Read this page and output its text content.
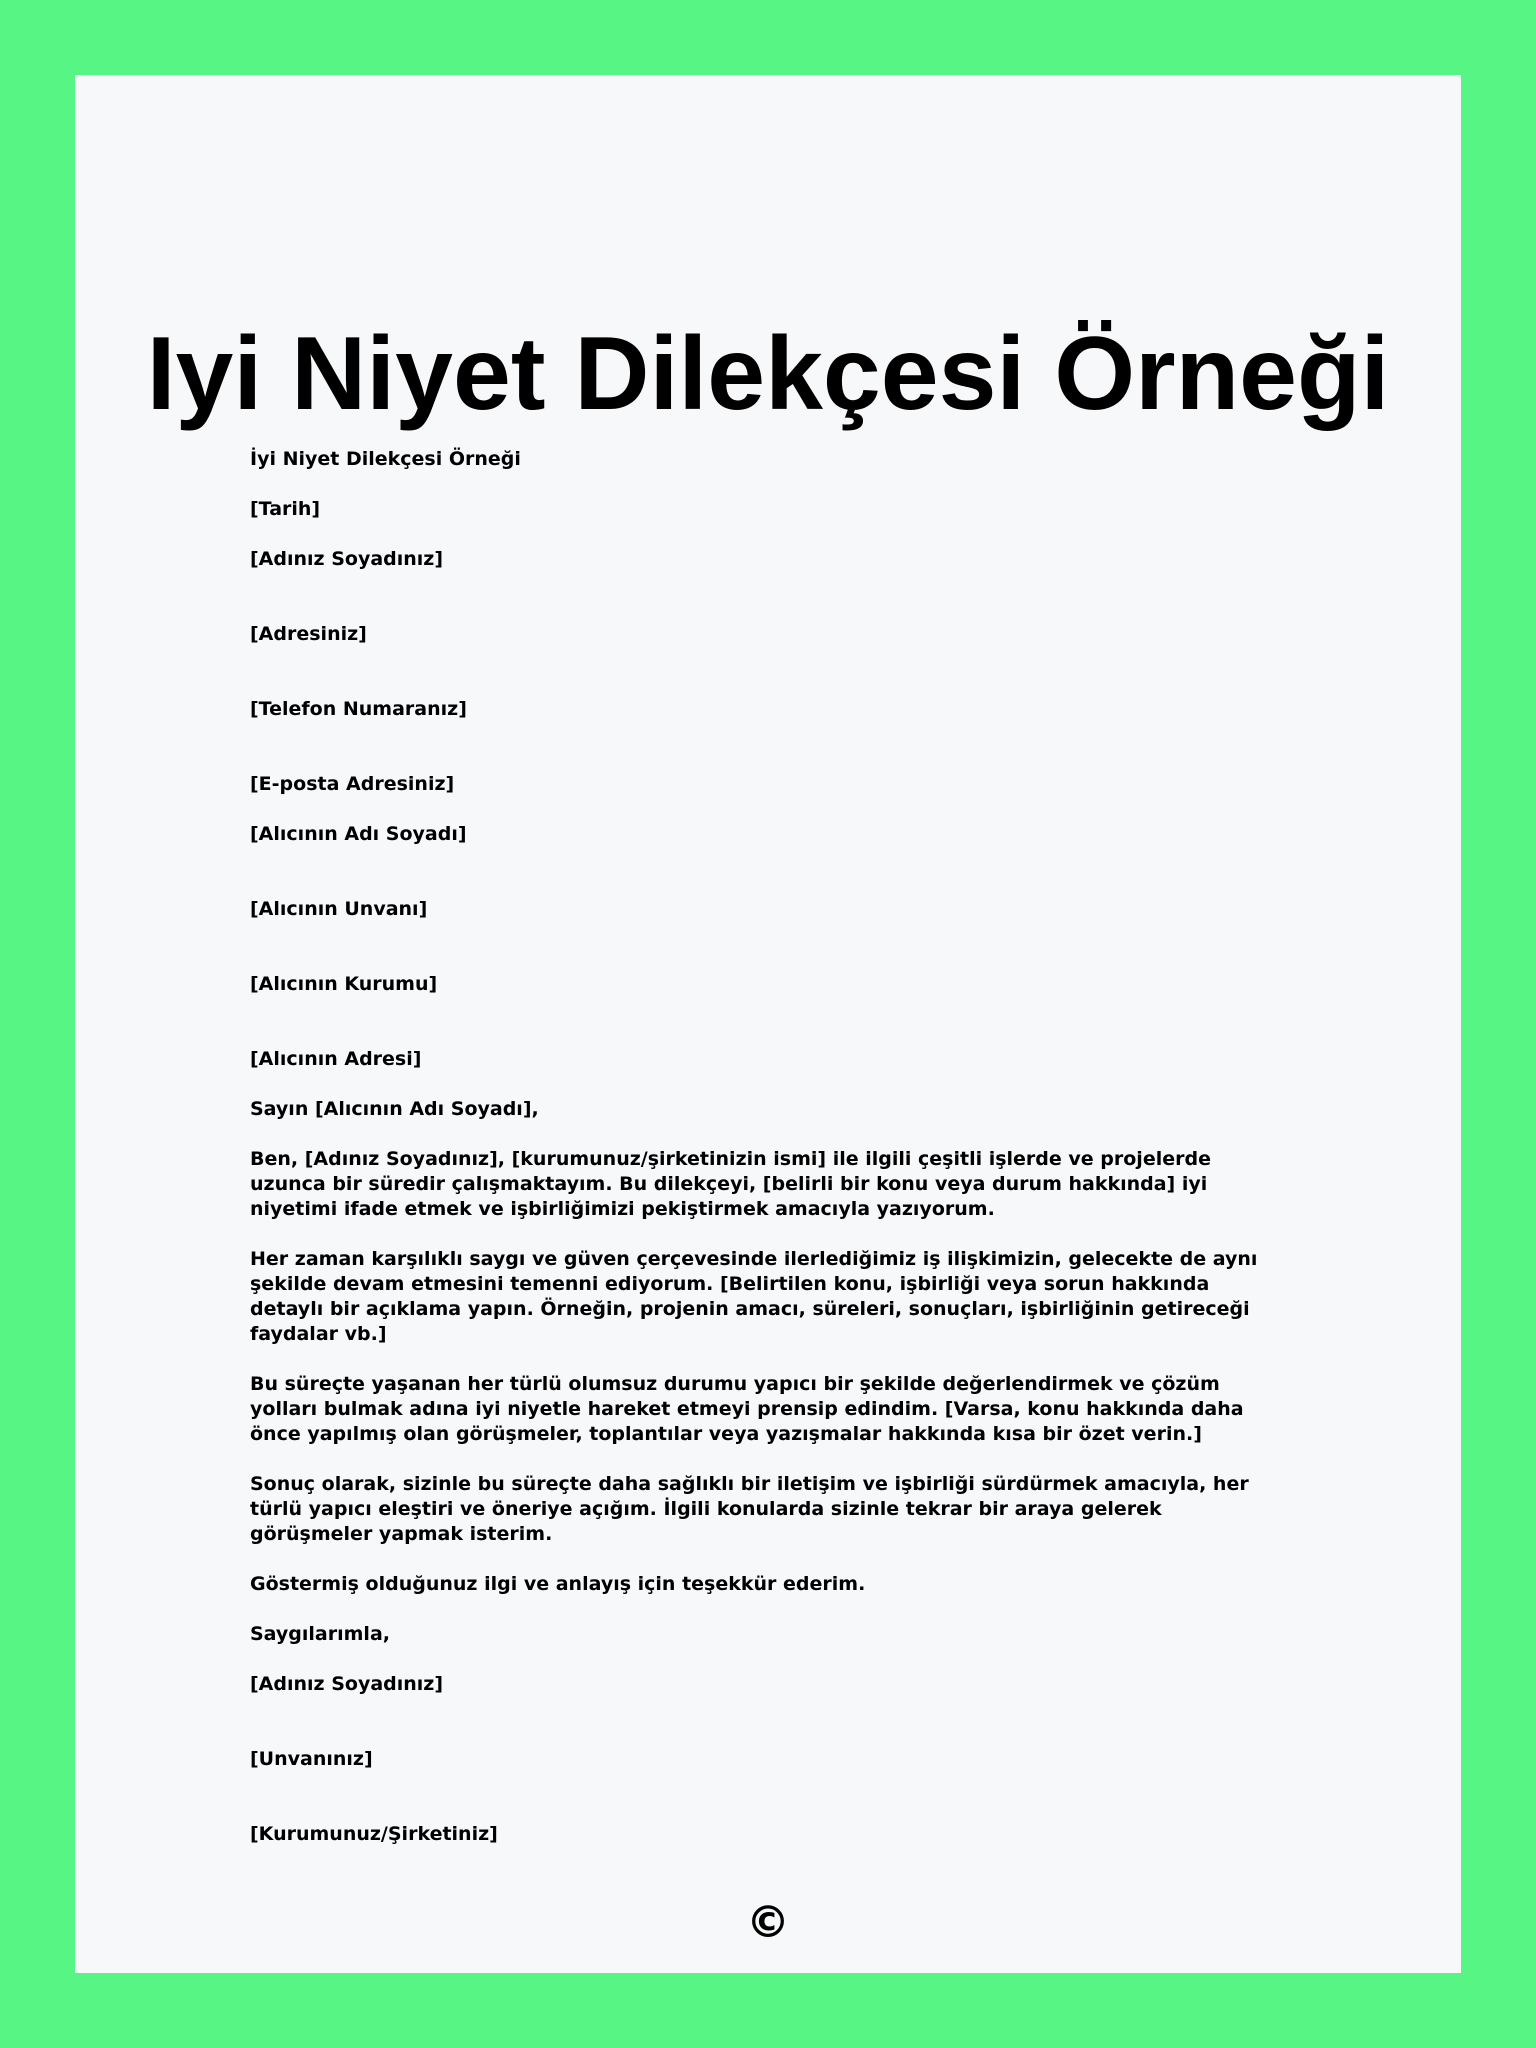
Iyi Niyet Dilekçesi Örneği

İyi Niyet Dilekçesi Örneği

[Tarih]

[Adınız Soyadınız]

[Adresiniz]

[Telefon Numaranız]

[E-posta Adresiniz]

[Alıcının Adı Soyadı]

[Alıcının Unvanı]

[Alıcının Kurumu]

[Alıcının Adresi]

Sayın [Alıcının Adı Soyadı],

Ben, [Adınız Soyadınız], [kurumunuz/şirketinizin ismi] ile ilgili çeşitli işlerde ve projelerde uzunca bir süredir çalışmaktayım. Bu dilekçeyi, [belirli bir konu veya durum hakkında] iyi niyetimi ifade etmek ve işbirliğimizi pekiştirmek amacıyla yazıyorum.

Her zaman karşılıklı saygı ve güven çerçevesinde ilerlediğimiz iş ilişkimizin, gelecekte de aynı şekilde devam etmesini temenni ediyorum. [Belirtilen konu, işbirliği veya sorun hakkında detaylı bir açıklama yapın. Örneğin, projenin amacı, süreleri, sonuçları, işbirliğinin getireceği faydalar vb.]

Bu süreçte yaşanan her türlü olumsuz durumu yapıcı bir şekilde değerlendirmek ve çözüm yolları bulmak adına iyi niyetle hareket etmeyi prensip edindim. [Varsa, konu hakkında daha önce yapılmış olan görüşmeler, toplantılar veya yazışmalar hakkında kısa bir özet verin.]

Sonuç olarak, sizinle bu süreçte daha sağlıklı bir iletişim ve işbirliği sürdürmek amacıyla, her türlü yapıcı eleştiri ve öneriye açığım. İlgili konularda sizinle tekrar bir araya gelerek görüşmeler yapmak isterim.

Göstermiş olduğunuz ilgi ve anlayış için teşekkür ederim.

Saygılarımla,

[Adınız Soyadınız]

[Unvanınız]

[Kurumunuz/Şirketiniz]

©
